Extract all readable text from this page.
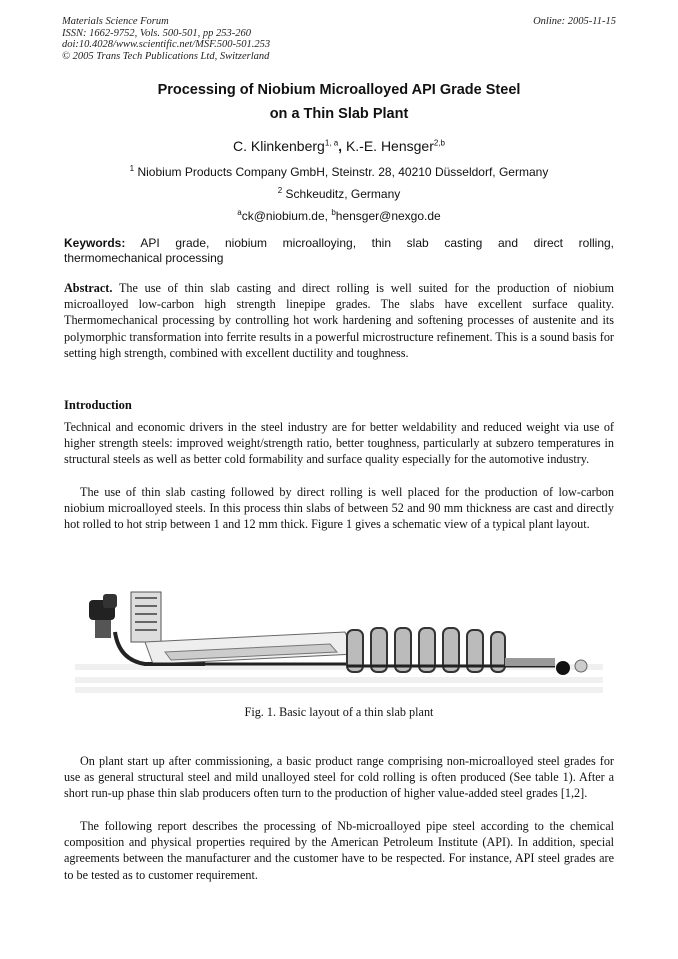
Materials Science Forum
ISSN: 1662-9752, Vols. 500-501, pp 253-260
doi:10.4028/www.scientific.net/MSF.500-501.253
© 2005 Trans Tech Publications Ltd, Switzerland
Online: 2005-11-15
Processing of Niobium Microalloyed API Grade Steel
on a Thin Slab Plant
C. Klinkenberg$^{1, a}$, K.-E. Hensger$^{2,b}$
$^1$ Niobium Products Company GmbH, Steinstr. 28, 40210 Düsseldorf, Germany
$^2$ Schkeuditz, Germany
$^a$ck@niobium.de, $^b$hensger@nexgo.de
Keywords: API grade, niobium microalloying, thin slab casting and direct rolling,
thermomechanical processing
Abstract. The use of thin slab casting and direct rolling is well suited for the production of niobium microalloyed low-carbon high strength linepipe grades. The slabs have excellent surface quality. Thermomechanical processing by controlling hot work hardening and softening processes of austenite and its polymorphic transformation into ferrite results in a powerful microstructure refinement. This is a sound basis for setting high strength, combined with excellent ductility and toughness.
Introduction
Technical and economic drivers in the steel industry are for better weldability and reduced weight via use of higher strength steels: improved weight/strength ratio, better toughness, particularly at subzero temperatures in structural steels as well as better cold formability and surface quality especially for the automotive industry.
The use of thin slab casting followed by direct rolling is well placed for the production of low-carbon niobium microalloyed steels. In this process thin slabs of between 52 and 90 mm thickness are cast and directly hot rolled to hot strip between 1 and 12 mm thick. Figure 1 gives a schematic view of a typical plant layout.
Fig. 1. Basic layout of a thin slab plant
On plant start up after commissioning, a basic product range comprising non-microalloyed steel grades for use as general structural steel and mild unalloyed steel for cold rolling is often produced (See table 1). After a short run-up phase thin slab producers often turn to the production of higher value-added steel grades [1,2].
The following report describes the processing of Nb-microalloyed pipe steel according to the chemical composition and physical properties required by the American Petroleum Institute (API). In addition, special agreements between the manufacturer and the customer have to be respected. For instance, API steel grades are to be tested as to customer requirement.
